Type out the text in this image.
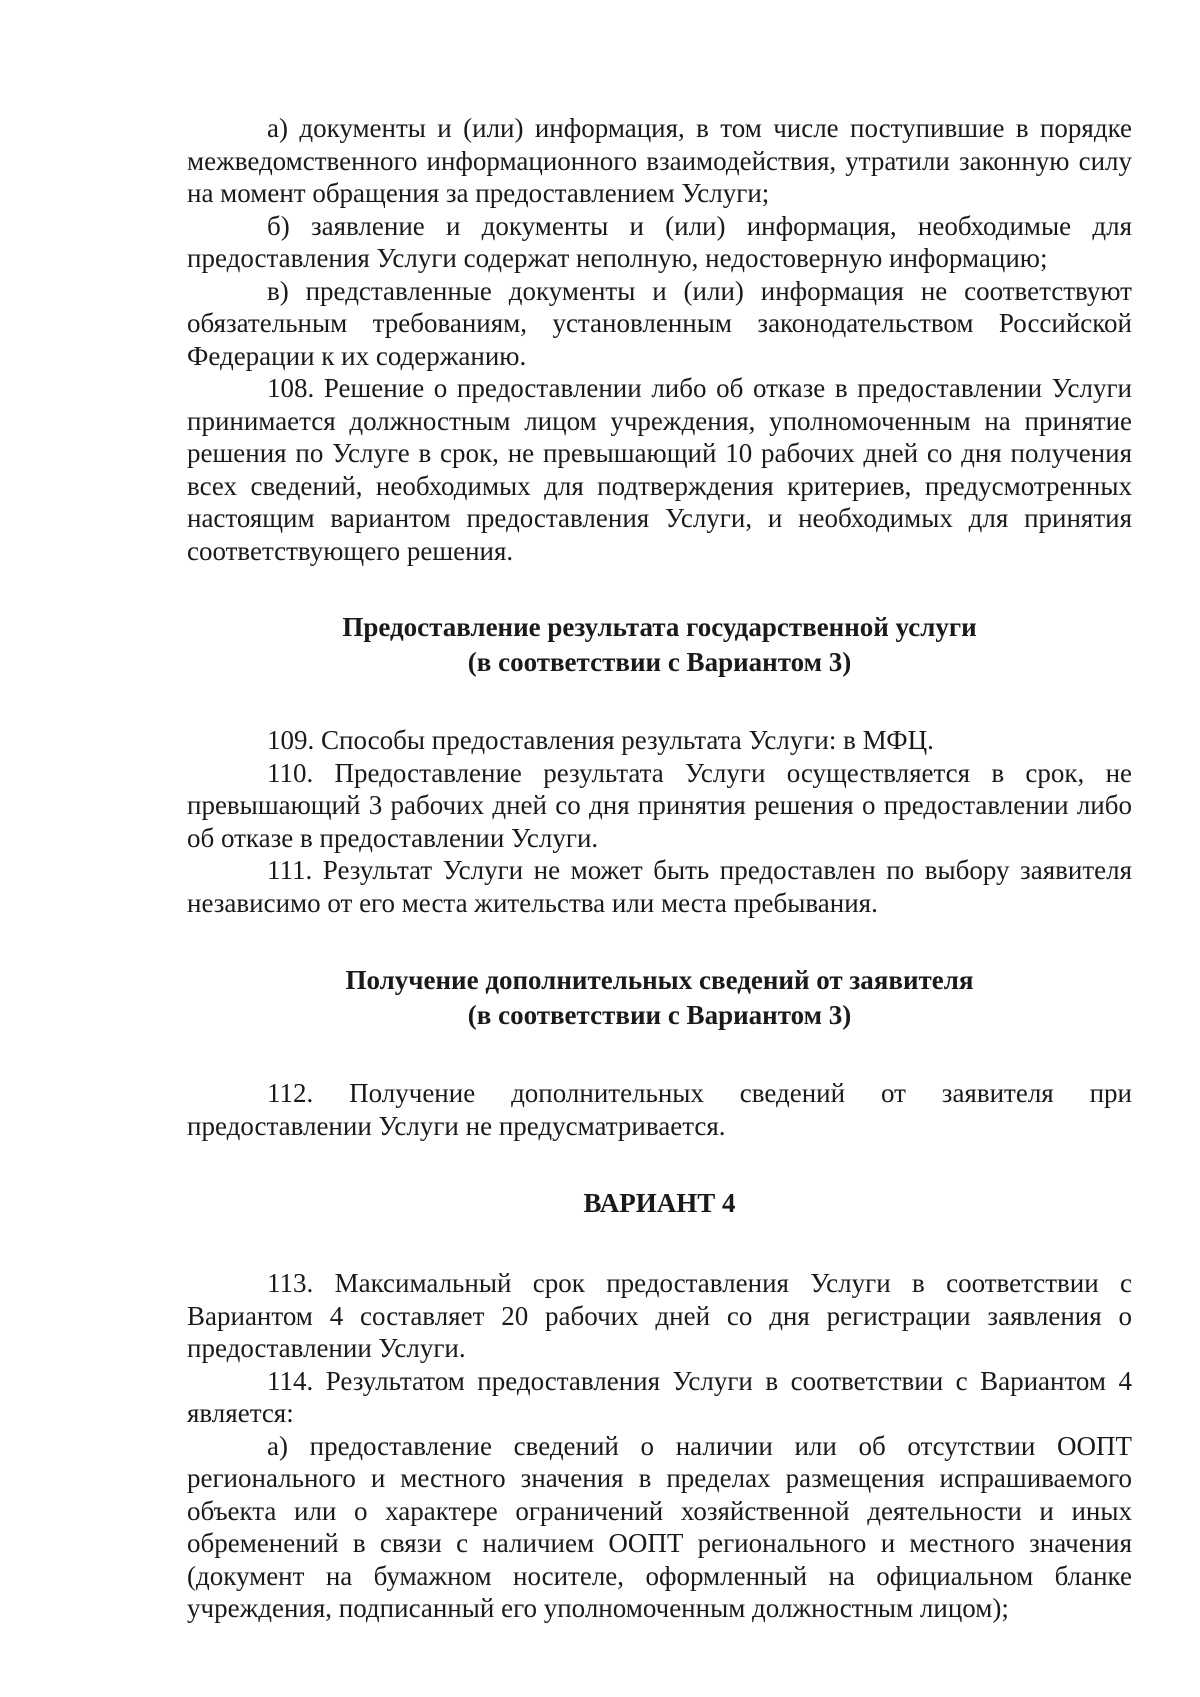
а) документы и (или) информация, в том числе поступившие в порядке межведомственного информационного взаимодействия, утратили законную силу на момент обращения за предоставлением Услуги;

б) заявление и документы и (или) информация, необходимые для предоставления Услуги содержат неполную, недостоверную информацию;

в) представленные документы и (или) информация не соответствуют обязательным требованиям, установленным законодательством Российской Федерации к их содержанию.

108. Решение о предоставлении либо об отказе в предоставлении Услуги принимается должностным лицом учреждения, уполномоченным на принятие решения по Услуге в срок, не превышающий 10 рабочих дней со дня получения всех сведений, необходимых для подтверждения критериев, предусмотренных настоящим вариантом предоставления Услуги, и необходимых для принятия соответствующего решения.

Предоставление результата государственной услуги
(в соответствии с Вариантом 3)

109. Способы предоставления результата Услуги: в МФЦ.

110. Предоставление результата Услуги осуществляется в срок, не превышающий 3 рабочих дней со дня принятия решения о предоставлении либо об отказе в предоставлении Услуги.

111. Результат Услуги не может быть предоставлен по выбору заявителя независимо от его места жительства или места пребывания.

Получение дополнительных сведений от заявителя
(в соответствии с Вариантом 3)

112. Получение дополнительных сведений от заявителя при предоставлении Услуги не предусматривается.

ВАРИАНТ 4

113. Максимальный срок предоставления Услуги в соответствии с Вариантом 4 составляет 20 рабочих дней со дня регистрации заявления о предоставлении Услуги.

114. Результатом предоставления Услуги в соответствии с Вариантом 4 является:

а) предоставление сведений о наличии или об отсутствии ООПТ регионального и местного значения в пределах размещения испрашиваемого объекта или о характере ограничений хозяйственной деятельности и иных обременений в связи с наличием ООПТ регионального и местного значения (документ на бумажном носителе, оформленный на официальном бланке учреждения, подписанный его уполномоченным должностным лицом);
